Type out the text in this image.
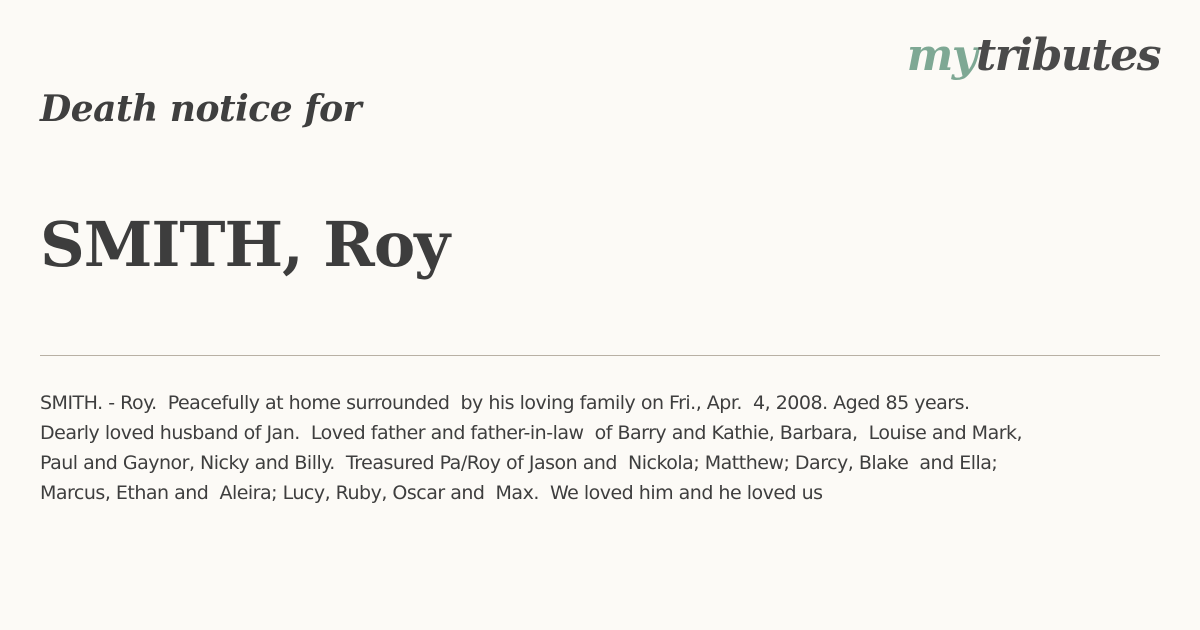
mytributes
Death notice for
SMITH, Roy
SMITH. - Roy.  Peacefully at home surrounded  by his loving family on Fri., Apr.  4, 2008. Aged 85 years.
Dearly loved husband of Jan.  Loved father and father-in-law  of Barry and Kathie, Barbara,  Louise and Mark,
Paul and Gaynor, Nicky and Billy.  Treasured Pa/Roy of Jason and  Nickola; Matthew; Darcy, Blake  and Ella;
Marcus, Ethan and  Aleira; Lucy, Ruby, Oscar and  Max.  We loved him and he loved us
